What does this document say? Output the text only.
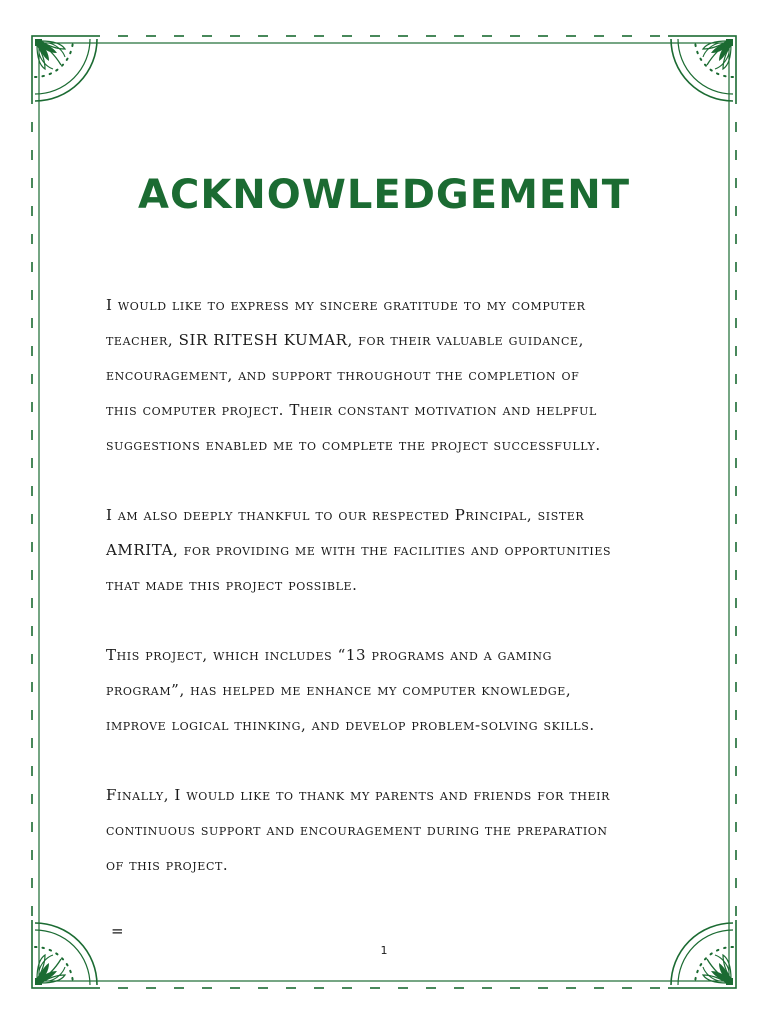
ACKNOWLEDGEMENT
I would like to express my sincere gratitude to my computer
teacher, SIR RITESH KUMAR, for their valuable guidance,
encouragement, and support throughout the completion of
this computer project. Their constant motivation and helpful
suggestions enabled me to complete the project successfully.
I am also deeply thankful to our respected Principal, sister
AMRITA, for providing me with the facilities and opportunities
that made this project possible.
This project, which includes “13 programs and a gaming
program”, has helped me enhance my computer knowledge,
improve logical thinking, and develop problem-solving skills.
Finally, I would like to thank my parents and friends for their
continuous support and encouragement during the preparation
of this project.
=
1
